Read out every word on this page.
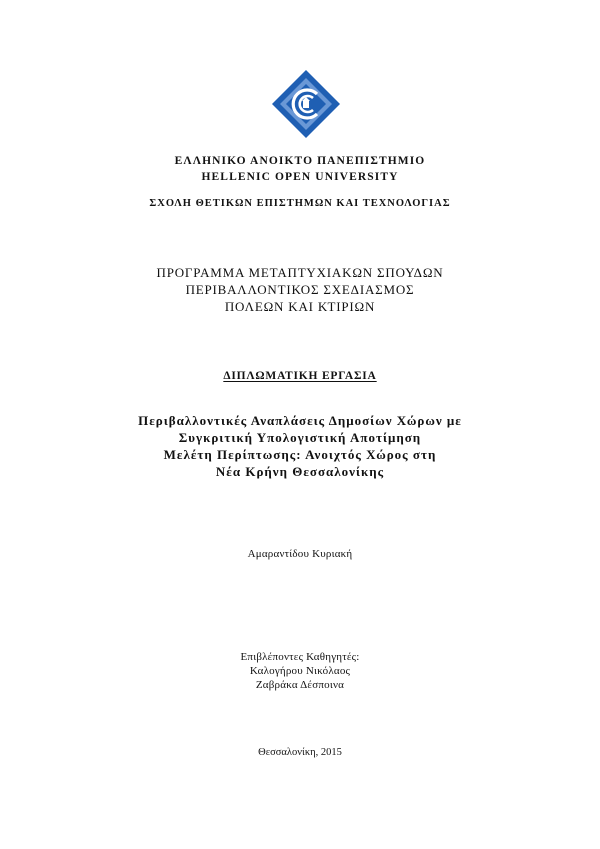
ΕΛΛΗΝΙΚΟ ΑΝΟΙΚΤΟ ΠΑΝΕΠΙΣΤΗΜΙΟ
HELLENIC OPEN UNIVERSITY
ΣΧΟΛΗ ΘΕΤΙΚΩΝ ΕΠΙΣΤΗΜΩΝ ΚΑΙ ΤΕΧΝΟΛΟΓΙΑΣ
ΠΡΟΓΡΑΜΜΑ ΜΕΤΑΠΤΥΧΙΑΚΩΝ ΣΠΟΥΔΩΝ
ΠΕΡΙΒΑΛΛΟΝΤΙΚΟΣ ΣΧΕΔΙΑΣΜΟΣ
ΠΟΛΕΩΝ ΚΑΙ ΚΤΙΡΙΩΝ
ΔΙΠΛΩΜΑΤΙΚΗ ΕΡΓΑΣΙΑ
Περιβαλλοντικές Αναπλάσεις Δημοσίων Χώρων με
Συγκριτική Υπολογιστική Αποτίμηση
Μελέτη Περίπτωσης: Ανοιχτός Χώρος στη
Νέα Κρήνη Θεσσαλονίκης
Αμαραντίδου Κυριακή
Επιβλέποντες Καθηγητές:
Καλογήρου Νικόλαος
Ζαβράκα Δέσποινα
Θεσσαλονίκη, 2015
